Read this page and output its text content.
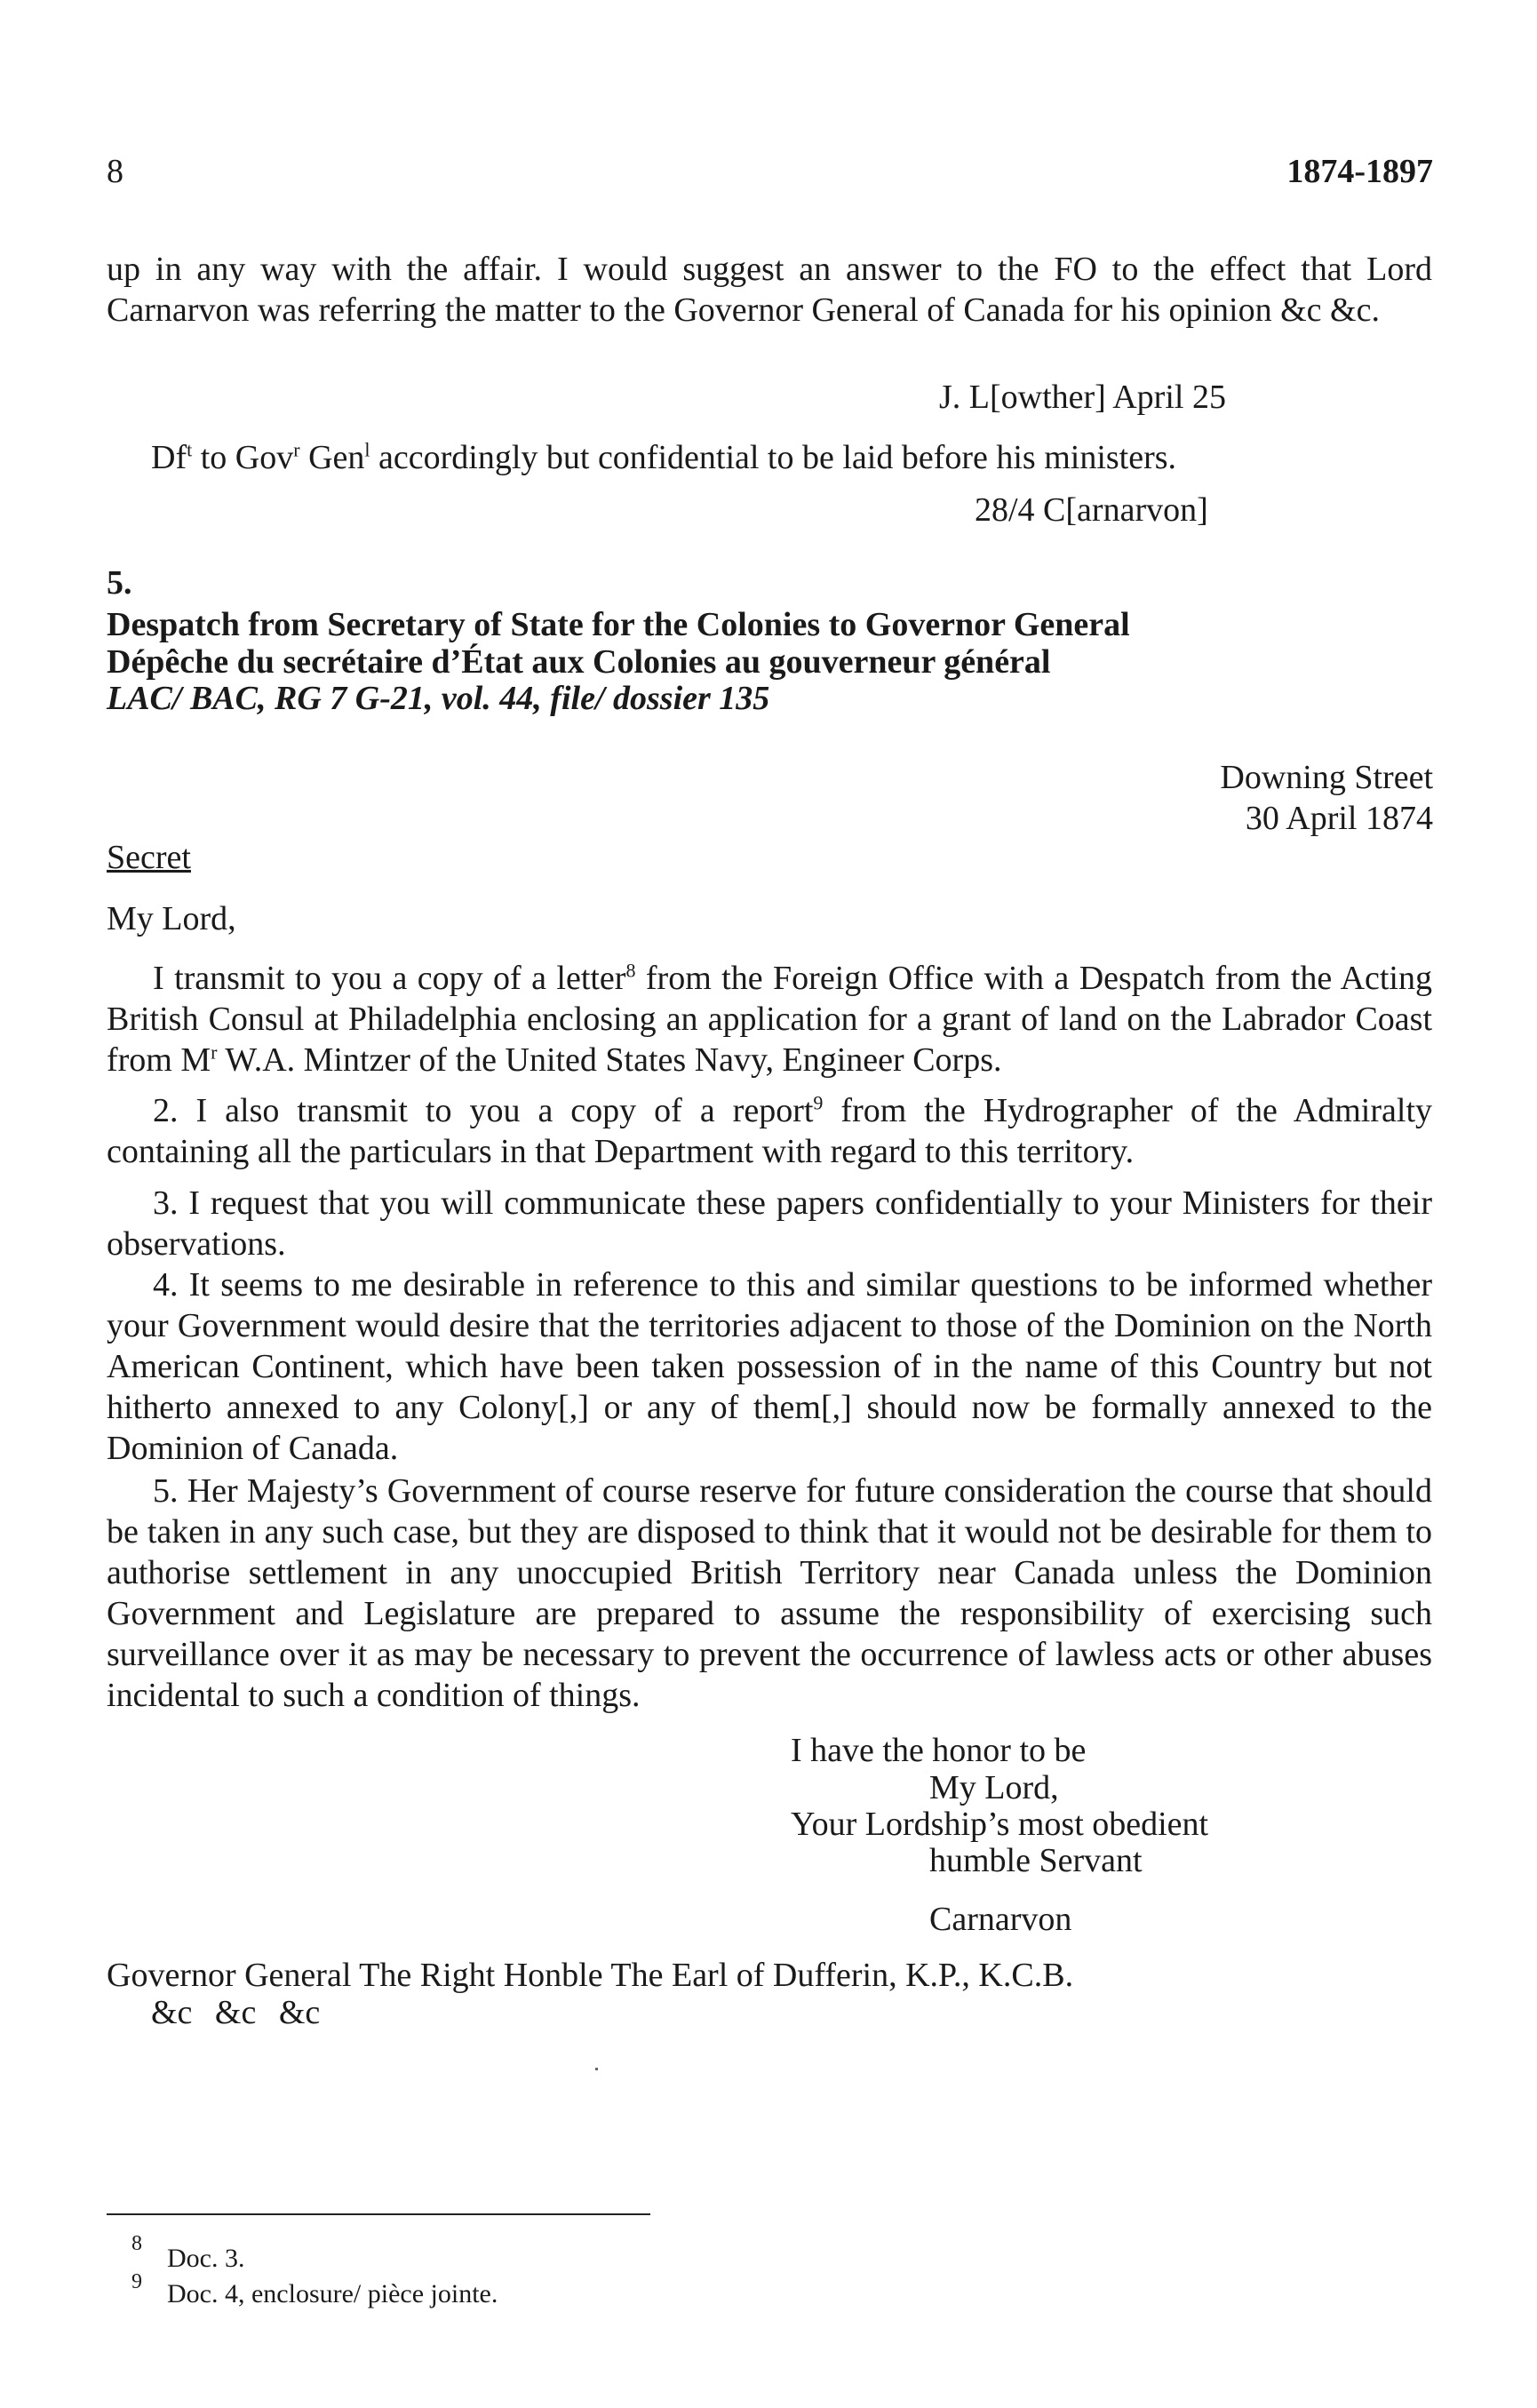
8	1874-1897

up in any way with the affair. I would suggest an answer to the FO to the effect that Lord Carnarvon was referring the matter to the Governor General of Canada for his opinion &c &c.

J. L[owther] April 25
Df$^t$ to Gov$^r$ Gen$^l$ accordingly but confidential to be laid before his ministers.
28/4 C[arnarvon]
5.
Despatch from Secretary of State for the Colonies to Governor General
Dépêche du secrétaire d’État aux Colonies au gouverneur général
LAC/ BAC, RG 7 G-21, vol. 44, file/ dossier 135
Downing Street
30 April 1874
Secret
My Lord,

I transmit to you a copy of a letter$^8$ from the Foreign Office with a Despatch from the Acting British Consul at Philadelphia enclosing an application for a grant of land on the Labrador Coast from $M^r$ W.A. Mintzer of the United States Navy, Engineer Corps.

2. I also transmit to you a copy of a report$^9$ from the Hydrographer of the Admiralty containing all the particulars in that Department with regard to this territory.

3. I request that you will communicate these papers confidentially to your Ministers for their observations.

4. It seems to me desirable in reference to this and similar questions to be informed whether your Government would desire that the territories adjacent to those of the Dominion on the North American Continent, which have been taken possession of in the name of this Country but not hitherto annexed to any Colony[,] or any of them[,] should now be formally annexed to the Dominion of Canada.

5. Her Majesty’s Government of course reserve for future consideration the course that should be taken in any such case, but they are disposed to think that it would not be desirable for them to authorise settlement in any unoccupied British Territory near Canada unless the Dominion Government and Legislature are prepared to assume the responsibility of exercising such surveillance over it as may be necessary to prevent the occurrence of lawless acts or other abuses incidental to such a condition of things.

I have the honor to be
My Lord,
Your Lordship’s most obedient
humble Servant
Carnarvon
Governor General The Right Honble The Earl of Dufferin, K.P., K.C.B.
&c &c &c
8 Doc. 3.
9 Doc. 4, enclosure/ pièce jointe.
